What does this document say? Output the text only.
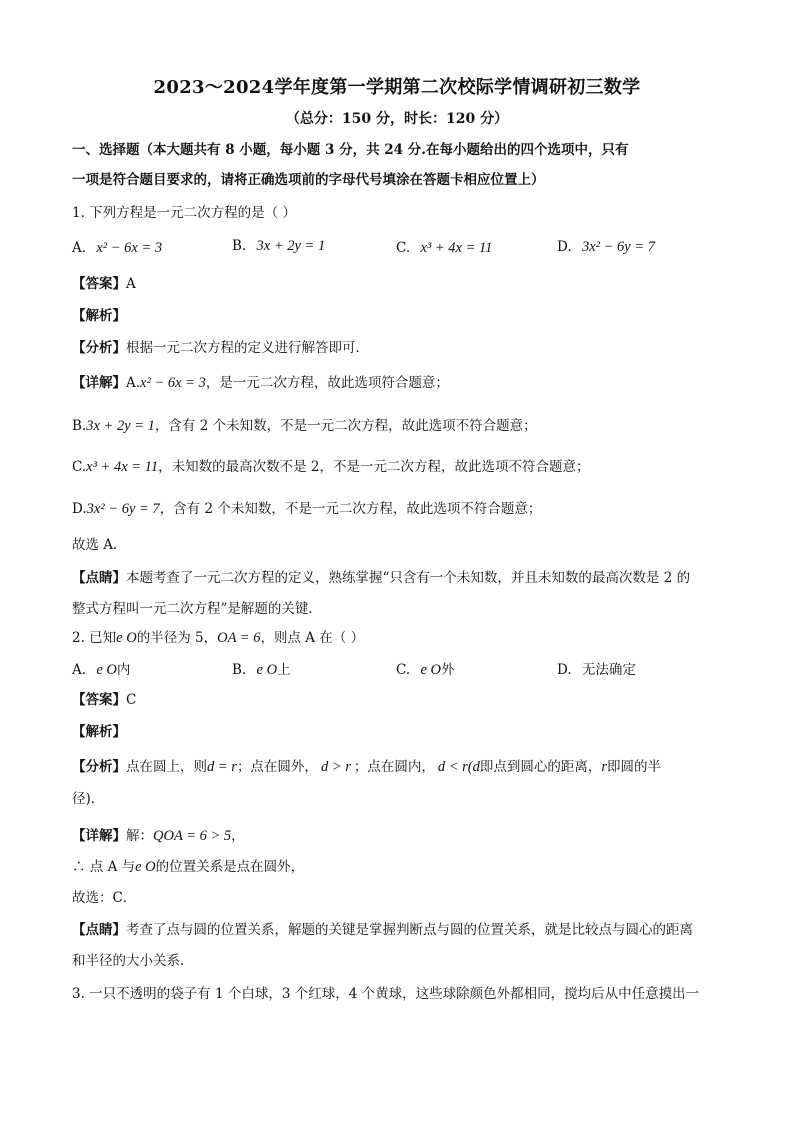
2023～2024学年度第一学期第二次校际学情调研初三数学
（总分：150 分，时长：120 分）
一、选择题（本大题共有 8 小题，每小题 3 分，共 24 分.在每小题给出的四个选项中，只有
一项是符合题目要求的，请将正确选项前的字母代号填涂在答题卡相应位置上）
1. 下列方程是一元二次方程的是（ ）
A. x² − 6x = 3	B. 3x + 2y = 1	C. x³ + 4x = 11	D. 3x² − 6y = 7
【答案】A
【解析】
【分析】根据一元二次方程的定义进行解答即可．
【详解】A.x² − 6x = 3，是一元二次方程，故此选项符合题意；
B.3x + 2y = 1，含有 2 个未知数，不是一元二次方程，故此选项不符合题意；
C.x³ + 4x = 11，未知数的最高次数不是 2，不是一元二次方程，故此选项不符合题意；
D.3x² − 6y = 7，含有 2 个未知数，不是一元二次方程，故此选项不符合题意；
故选 A．
【点睛】本题考查了一元二次方程的定义，熟练掌握“只含有一个未知数，并且未知数的最高次数是 2 的
整式方程叫一元二次方程”是解题的关键．
2. 已知e O的半径为 5，OA = 6，则点 A 在（ ）
A. e O内	B. e O上	C. e O外	D. 无法确定
【答案】C
【解析】
【分析】点在圆上，则d = r；点在圆外， d > r ；点在圆内， d < r(d即点到圆心的距离，r即圆的半
径)．
【详解】解：QOA = 6 > 5，
∴ 点 A 与e O的位置关系是点在圆外，
故选：C．
【点睛】考查了点与圆的位置关系，解题的关键是掌握判断点与圆的位置关系，就是比较点与圆心的距离
和半径的大小关系．
3. 一只不透明的袋子有 1 个白球，3 个红球，4 个黄球，这些球除颜色外都相同，搅均后从中任意摸出一
